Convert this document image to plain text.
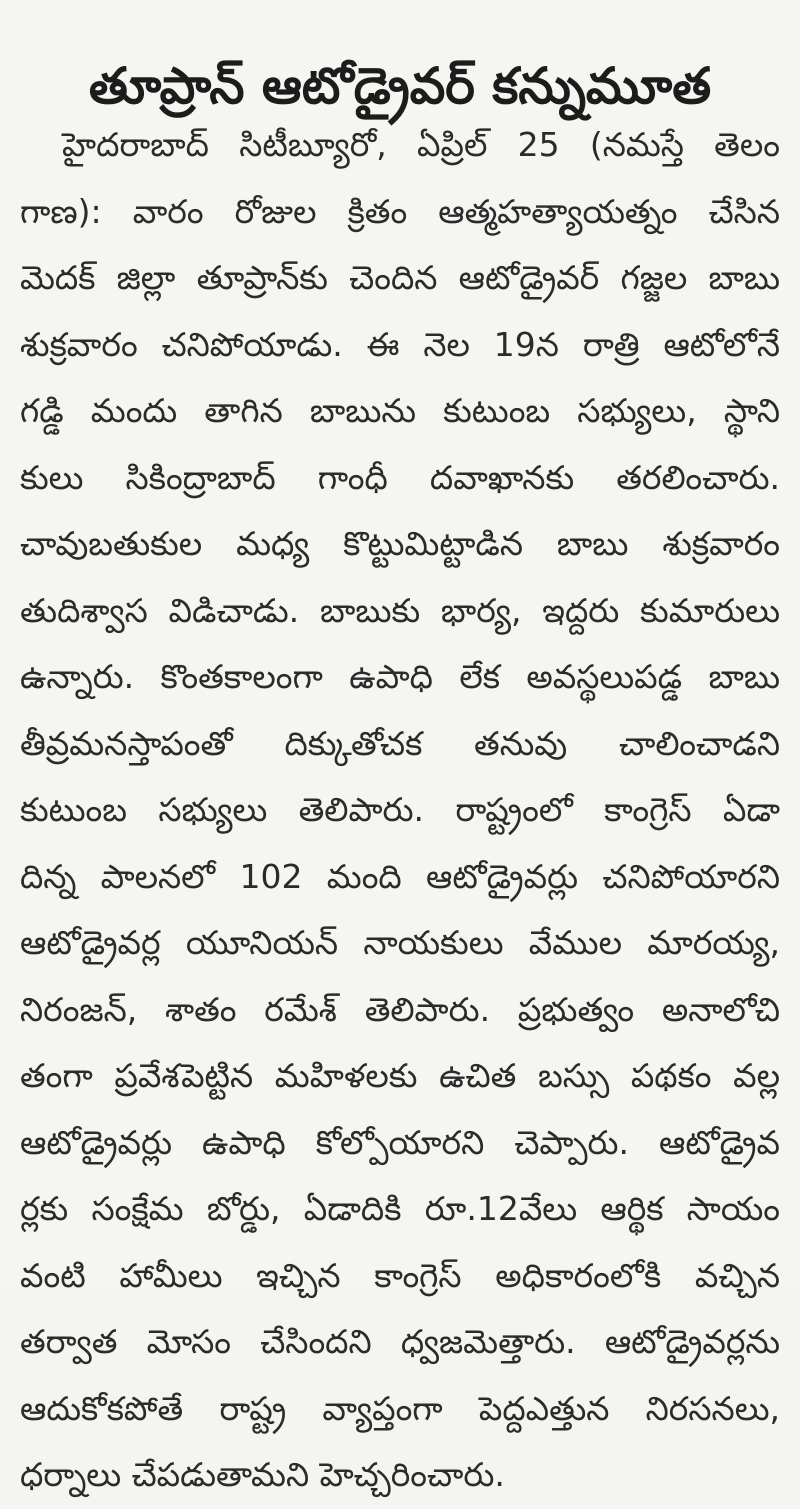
తూప్రాన్ ఆటోడ్రైవర్ కన్నుమూత
హైదరాబాద్ సిటీబ్యూరో, ఏప్రిల్ 25 (నమస్తే తెలం
గాణ): వారం రోజుల క్రితం ఆత్మహత్యాయత్నం చేసిన
మెదక్ జిల్లా తూప్రాన్‌కు చెందిన ఆటోడ్రైవర్ గజ్జల బాబు
శుక్రవారం చనిపోయాడు. ఈ నెల 19న రాత్రి ఆటోలోనే
గడ్డి మందు తాగిన బాబును కుటుంబ సభ్యులు, స్థాని
కులు సికింద్రాబాద్ గాంధీ దవాఖానకు తరలించారు.
చావుబతుకుల మధ్య కొట్టుమిట్టాడిన బాబు శుక్రవారం
తుదిశ్వాస విడిచాడు. బాబుకు భార్య, ఇద్దరు కుమారులు
ఉన్నారు. కొంతకాలంగా ఉపాధి లేక అవస్థలుపడ్డ బాబు
తీవ్రమనస్తాపంతో దిక్కుతోచక తనువు చాలించాడని
కుటుంబ సభ్యులు తెలిపారు. రాష్ట్రంలో కాంగ్రెస్ ఏడా
దిన్న పాలనలో 102 మంది ఆటోడ్రైవర్లు చనిపోయారని
ఆటోడ్రైవర్ల యూనియన్ నాయకులు వేముల మారయ్య,
నిరంజన్, శాతం రమేశ్ తెలిపారు. ప్రభుత్వం అనాలోచి
తంగా ప్రవేశపెట్టిన మహిళలకు ఉచిత బస్సు పథకం వల్ల
ఆటోడ్రైవర్లు ఉపాధి కోల్పోయారని చెప్పారు. ఆటోడ్రైవ
ర్లకు సంక్షేమ బోర్డు, ఏడాదికి రూ.12వేలు ఆర్థిక సాయం
వంటి హామీలు ఇచ్చిన కాంగ్రెస్ అధికారంలోకి వచ్చిన
తర్వాత మోసం చేసిందని ధ్వజమెత్తారు. ఆటోడ్రైవర్లను
ఆదుకోకపోతే రాష్ట్ర వ్యాప్తంగా పెద్దఎత్తున నిరసనలు,
ధర్నాలు చేపడుతామని హెచ్చరించారు.
